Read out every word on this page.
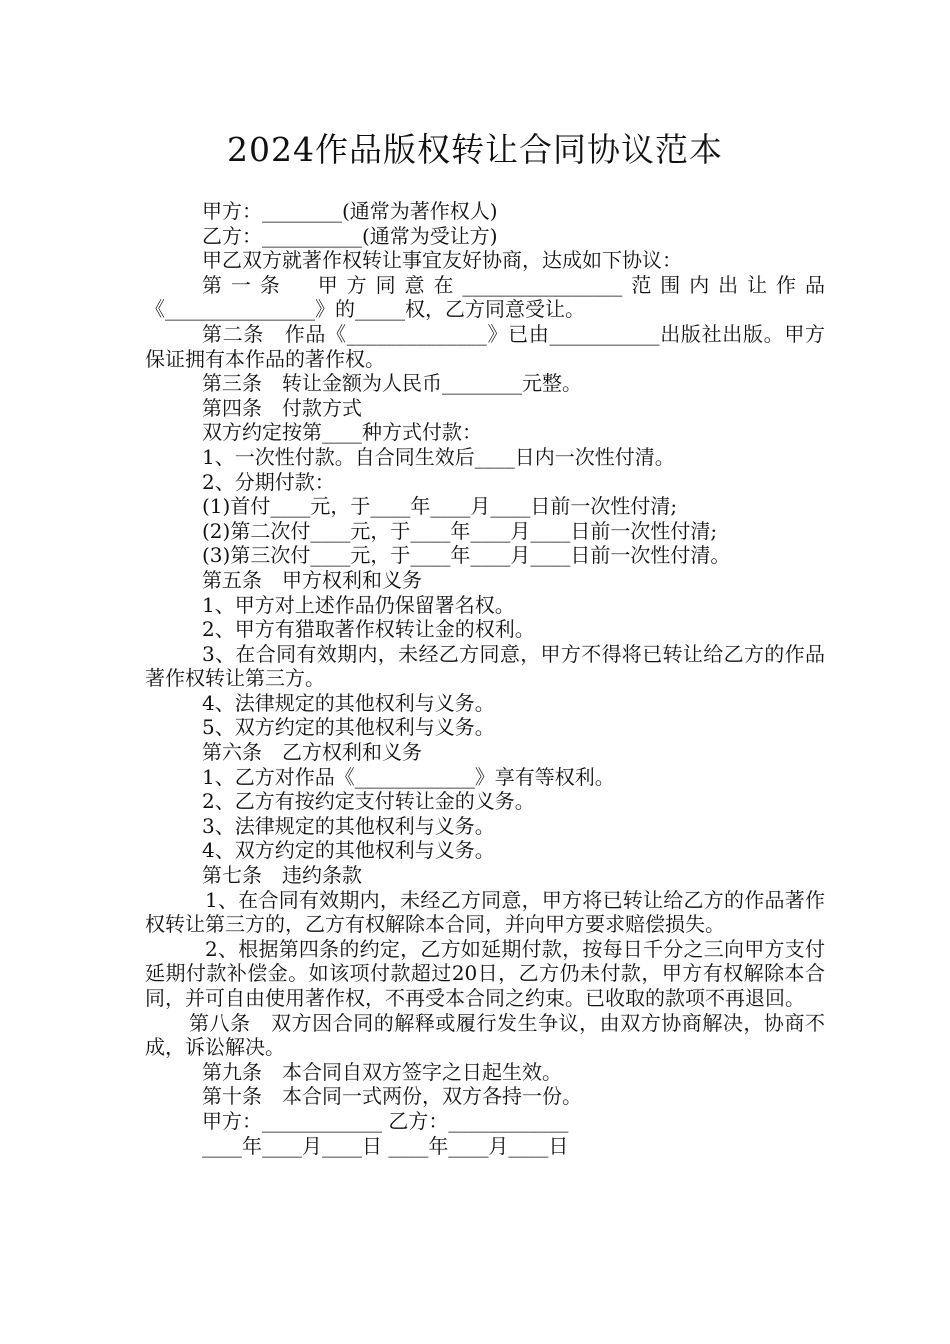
2024作品版权转让合同协议范本

甲方：________(通常为著作权人)

乙方：__________(通常为受让方)

甲乙双方就著作权转让事宜友好协商，达成如下协议：

第一条　甲方同意在________________范围内出让作品《_______________》的_____权，乙方同意受让。

第二条　作品《______________》已由___________出版社出版。甲方保证拥有本作品的著作权。

第三条　转让金额为人民币________元整。

第四条　付款方式

双方约定按第____种方式付款：

1、一次性付款。自合同生效后____日内一次性付清。

2、分期付款：

(1)首付____元，于____年____月____日前一次性付清;

(2)第二次付____元，于____年____月____日前一次性付清;

(3)第三次付____元，于____年____月____日前一次性付清。

第五条　甲方权利和义务

1、甲方对上述作品仍保留署名权。

2、甲方有猎取著作权转让金的权利。

3、在合同有效期内，未经乙方同意，甲方不得将已转让给乙方的作品著作权转让第三方。

4、法律规定的其他权利与义务。

5、双方约定的其他权利与义务。

第六条　乙方权利和义务

1、乙方对作品《____________》享有等权利。

2、乙方有按约定支付转让金的义务。

3、法律规定的其他权利与义务。

4、双方约定的其他权利与义务。

第七条　违约条款

1、在合同有效期内，未经乙方同意，甲方将已转让给乙方的作品著作权转让第三方的，乙方有权解除本合同，并向甲方要求赔偿损失。

2、根据第四条的约定，乙方如延期付款，按每日千分之三向甲方支付延期付款补偿金。如该项付款超过20日，乙方仍未付款，甲方有权解除本合同，并可自由使用著作权，不再受本合同之约束。已收取的款项不再退回。

第八条　双方因合同的解释或履行发生争议，由双方协商解决，协商不成，诉讼解决。

第九条　本合同自双方签字之日起生效。

第十条　本合同一式两份，双方各持一份。

甲方：____________ 乙方：____________

____年____月____日 ____年____月____日
